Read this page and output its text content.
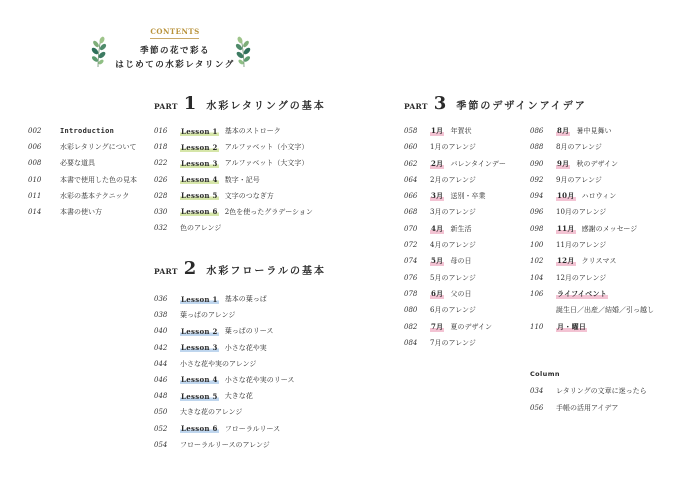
CONTENTS
季節の花で彩る
はじめての水彩レタリング
002	Introduction
006	水彩レタリングについて
008	必要な道具
010	本書で使用した色の見本
011	水彩の基本テクニック
014	本書の使い方
PART 1 水彩レタリングの基本
016	Lesson 1 基本のストローク
018	Lesson 2 アルファベット（小文字）
022	Lesson 3 アルファベット（大文字）
026	Lesson 4 数字・記号
028	Lesson 5 文字のつなぎ方
030	Lesson 6 2色を使ったグラデーション
032	色のアレンジ
PART 2 水彩フローラルの基本
036	Lesson 1 基本の葉っぱ
038	葉っぱのアレンジ
040	Lesson 2 葉っぱのリース
042	Lesson 3 小さな花や実
044	小さな花や実のアレンジ
046	Lesson 4 小さな花や実のリース
048	Lesson 5 大きな花
050	大きな花のアレンジ
052	Lesson 6 フローラルリース
054	フローラルリースのアレンジ
PART 3 季節のデザインアイデア
058	1月 年賀状
060	1月のアレンジ
062	2月 バレンタインデー
064	2月のアレンジ
066	3月 送別・卒業
068	3月のアレンジ
070	4月 新生活
072	4月のアレンジ
074	5月 母の日
076	5月のアレンジ
078	6月 父の日
080	6月のアレンジ
082	7月 夏のデザイン
084	7月のアレンジ
086	8月 暑中見舞い
088	8月のアレンジ
090	9月 秋のデザイン
092	9月のアレンジ
094	10月 ハロウィン
096	10月のアレンジ
098	11月 感謝のメッセージ
100	11月のアレンジ
102	12月 クリスマス
104	12月のアレンジ
106	ライフイベント
誕生日／出産／結婚／引っ越し
110	月・曜日
Column
034	レタリングの文章に迷ったら
056	手帳の活用アイデア
